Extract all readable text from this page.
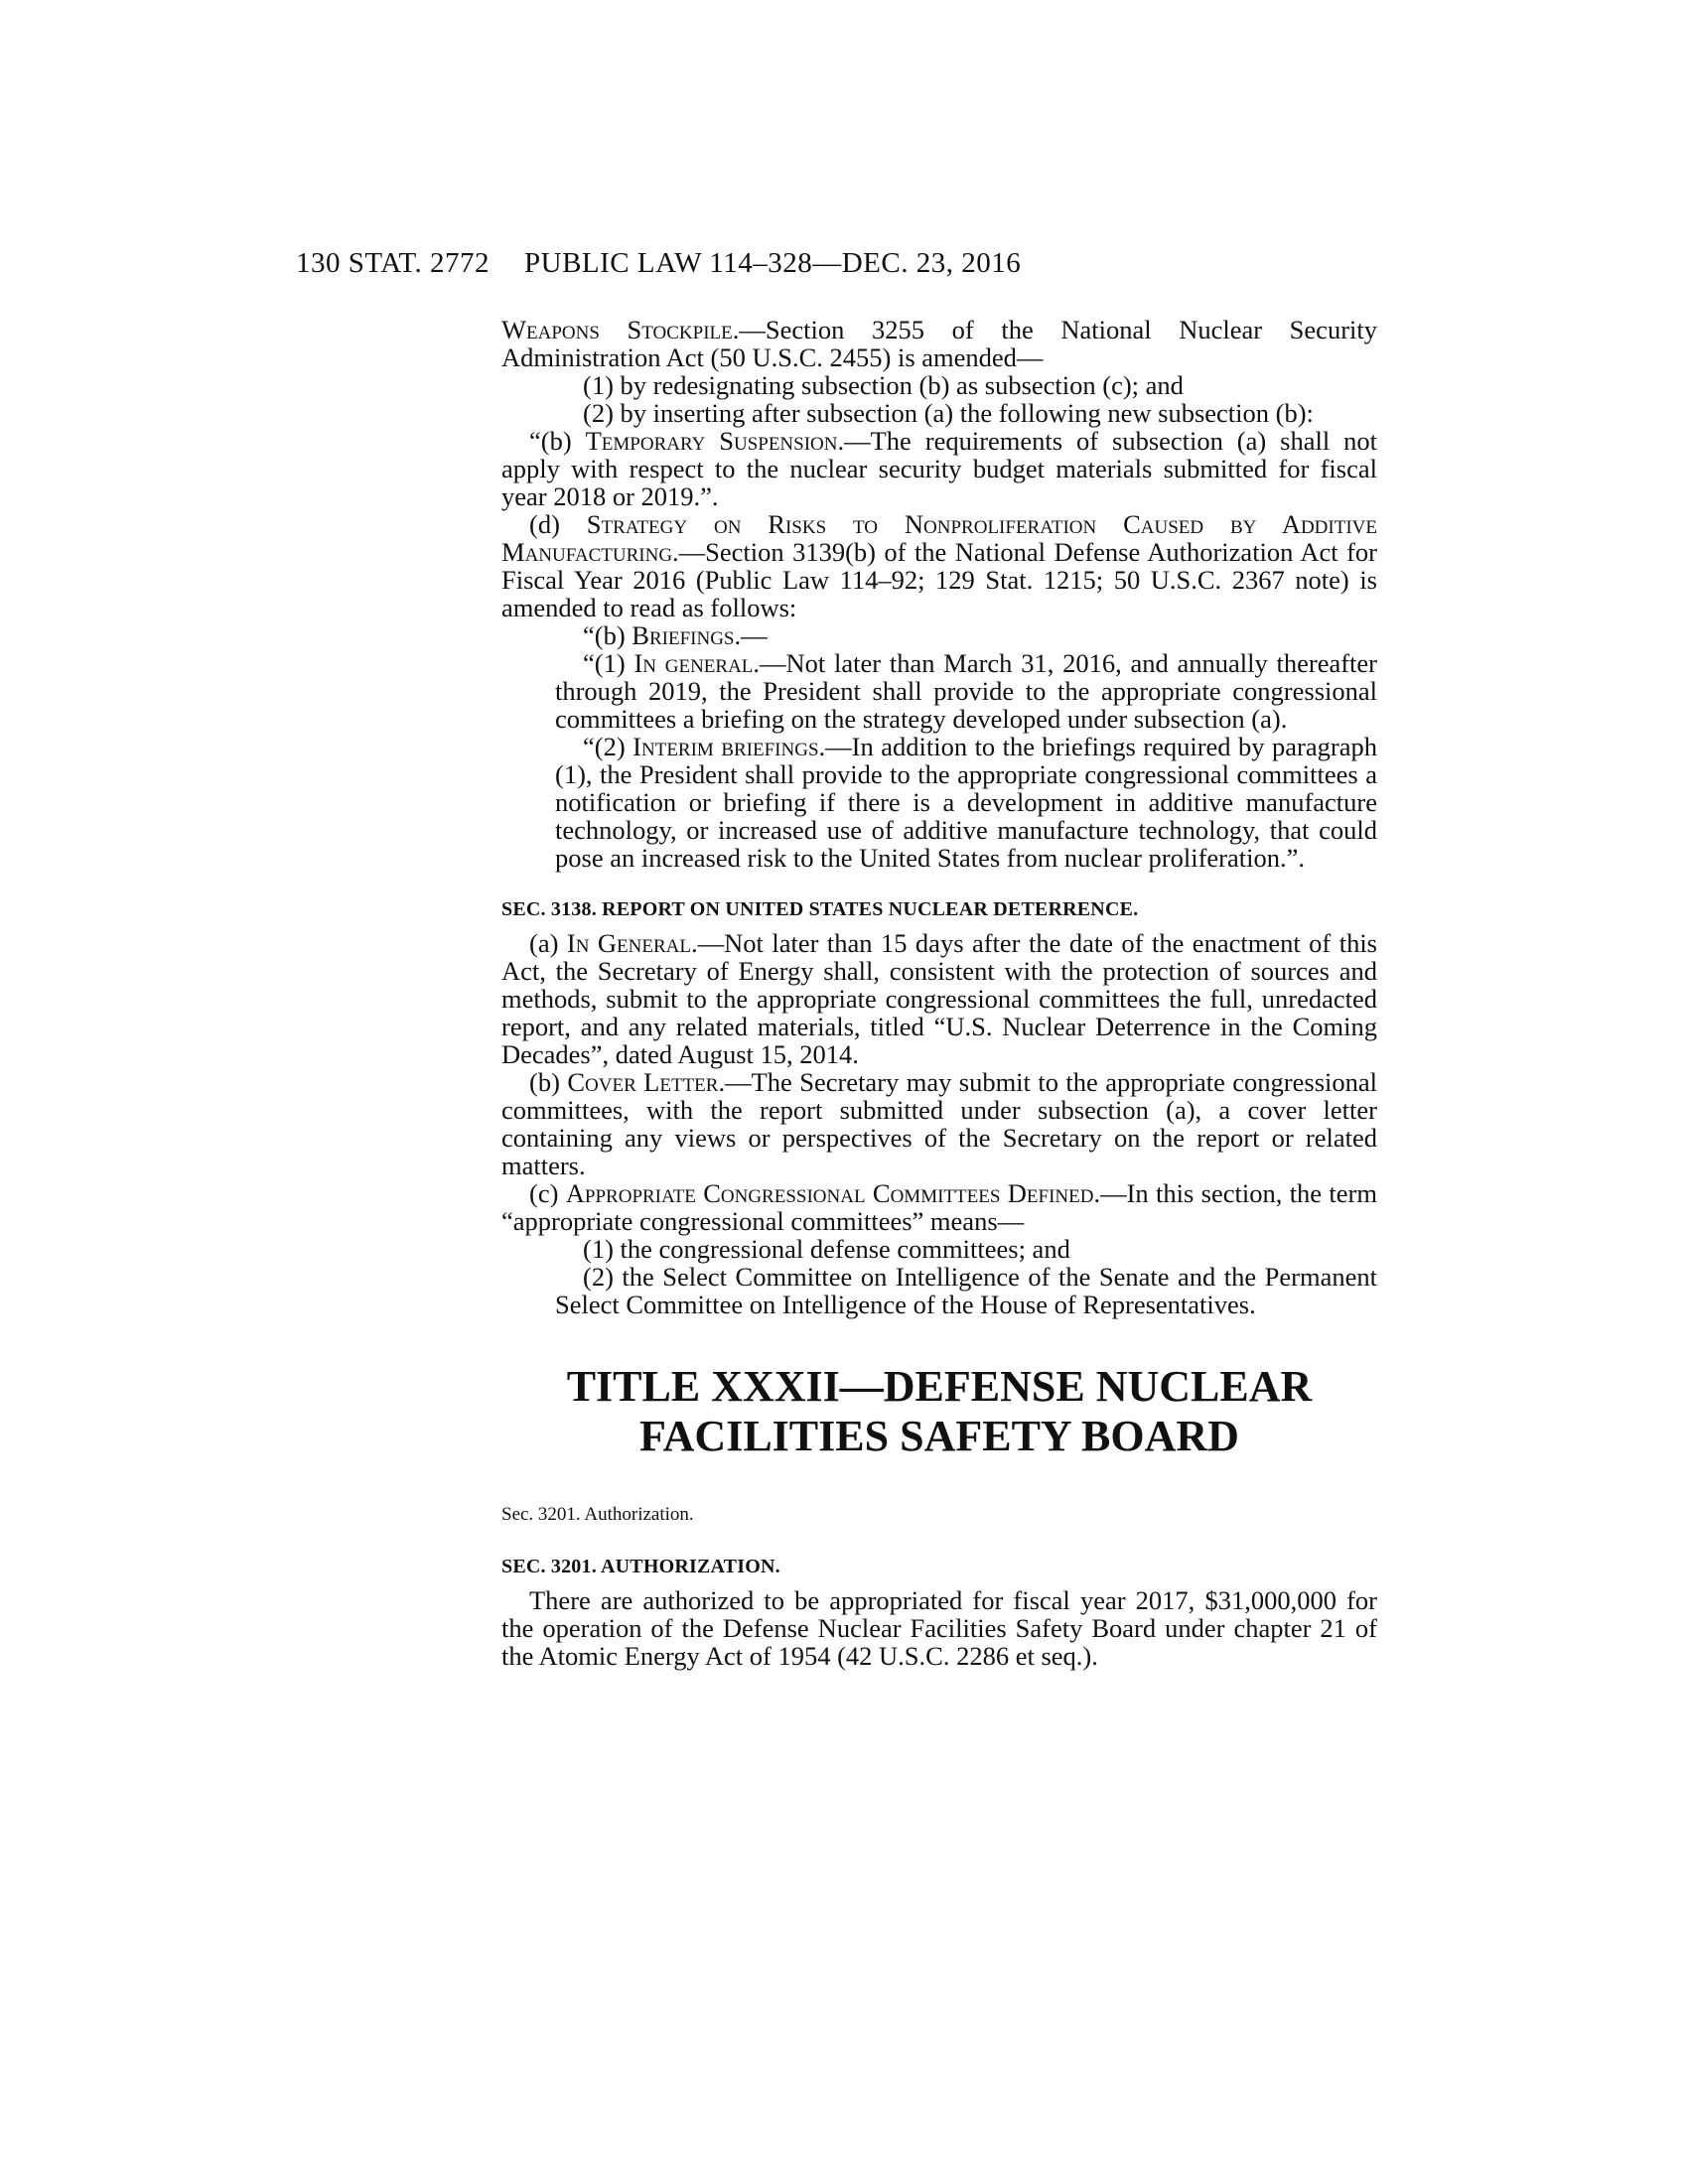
130 STAT. 2772 PUBLIC LAW 114–328—DEC. 23, 2016

Weapons Stockpile.—Section 3255 of the National Nuclear Security Administration Act (50 U.S.C. 2455) is amended—

(1) by redesignating subsection (b) as subsection (c); and

(2) by inserting after subsection (a) the following new subsection (b):

“(b) Temporary Suspension.—The requirements of subsection (a) shall not apply with respect to the nuclear security budget materials submitted for fiscal year 2018 or 2019.”.

(d) Strategy on Risks to Nonproliferation Caused by Additive Manufacturing.—Section 3139(b) of the National Defense Authorization Act for Fiscal Year 2016 (Public Law 114–92; 129 Stat. 1215; 50 U.S.C. 2367 note) is amended to read as follows:

“(b) Briefings.—

“(1) In general.—Not later than March 31, 2016, and annually thereafter through 2019, the President shall provide to the appropriate congressional committees a briefing on the strategy developed under subsection (a).

“(2) Interim briefings.—In addition to the briefings required by paragraph (1), the President shall provide to the appropriate congressional committees a notification or briefing if there is a development in additive manufacture technology, or increased use of additive manufacture technology, that could pose an increased risk to the United States from nuclear proliferation.”.

SEC. 3138. REPORT ON UNITED STATES NUCLEAR DETERRENCE.

(a) In General.—Not later than 15 days after the date of the enactment of this Act, the Secretary of Energy shall, consistent with the protection of sources and methods, submit to the appropriate congressional committees the full, unredacted report, and any related materials, titled “U.S. Nuclear Deterrence in the Coming Decades”, dated August 15, 2014.

(b) Cover Letter.—The Secretary may submit to the appropriate congressional committees, with the report submitted under subsection (a), a cover letter containing any views or perspectives of the Secretary on the report or related matters.

(c) Appropriate Congressional Committees Defined.—In this section, the term “appropriate congressional committees” means—

(1) the congressional defense committees; and

(2) the Select Committee on Intelligence of the Senate and the Permanent Select Committee on Intelligence of the House of Representatives.

TITLE XXXII—DEFENSE NUCLEAR
FACILITIES SAFETY BOARD

Sec. 3201. Authorization.

SEC. 3201. AUTHORIZATION.

There are authorized to be appropriated for fiscal year 2017, $31,000,000 for the operation of the Defense Nuclear Facilities Safety Board under chapter 21 of the Atomic Energy Act of 1954 (42 U.S.C. 2286 et seq.).
